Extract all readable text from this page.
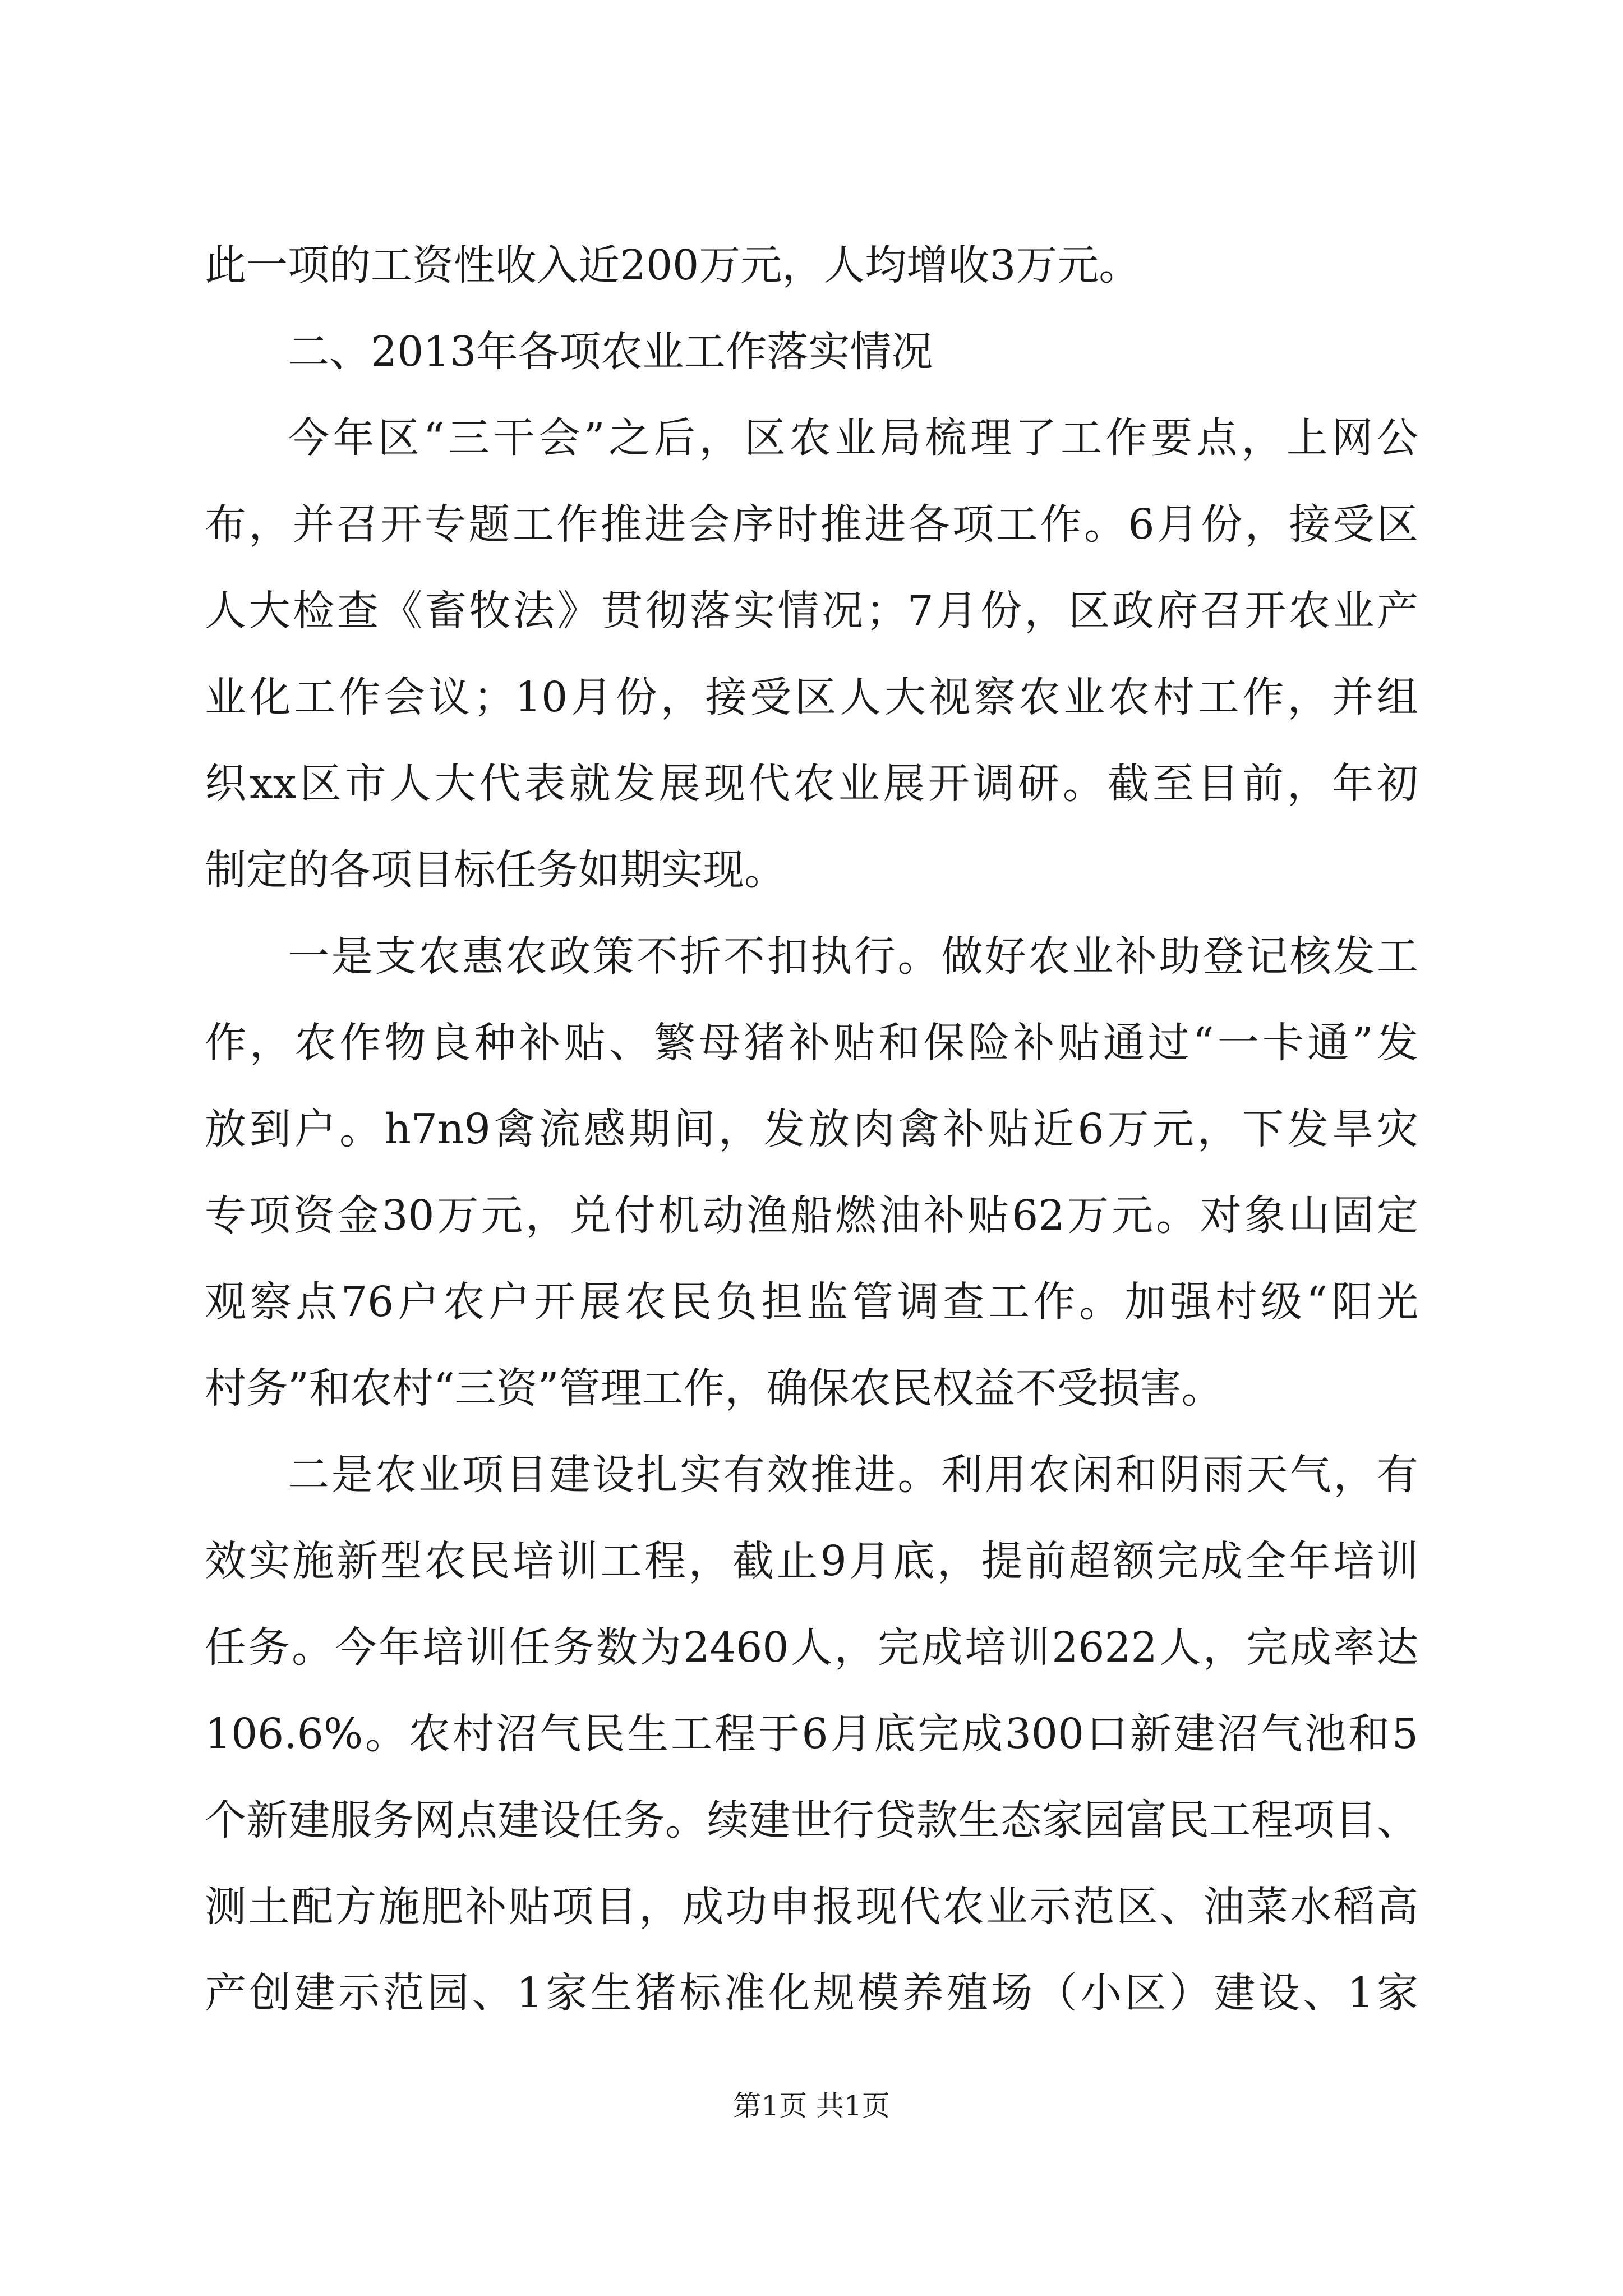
此一项的工资性收入近200万元，人均增收3万元。
二、2013年各项农业工作落实情况
今年区“三干会”之后，区农业局梳理了工作要点，上网公
布，并召开专题工作推进会序时推进各项工作。6月份，接受区
人大检查《畜牧法》贯彻落实情况；7月份，区政府召开农业产
业化工作会议；10月份，接受区人大视察农业农村工作，并组
织xx区市人大代表就发展现代农业展开调研。截至目前，年初
制定的各项目标任务如期实现。
一是支农惠农政策不折不扣执行。做好农业补助登记核发工
作，农作物良种补贴、繁母猪补贴和保险补贴通过“一卡通”发
放到户。h7n9禽流感期间，发放肉禽补贴近6万元，下发旱灾
专项资金30万元，兑付机动渔船燃油补贴62万元。对象山固定
观察点76户农户开展农民负担监管调查工作。加强村级“阳光
村务”和农村“三资”管理工作，确保农民权益不受损害。
二是农业项目建设扎实有效推进。利用农闲和阴雨天气，有
效实施新型农民培训工程，截止9月底，提前超额完成全年培训
任务。今年培训任务数为2460人，完成培训2622人，完成率达
106.6%。农村沼气民生工程于6月底完成300口新建沼气池和5
个新建服务网点建设任务。续建世行贷款生态家园富民工程项目、
测土配方施肥补贴项目，成功申报现代农业示范区、油菜水稻高
产创建示范园、1家生猪标准化规模养殖场（小区）建设、1家
第1页 共1页
